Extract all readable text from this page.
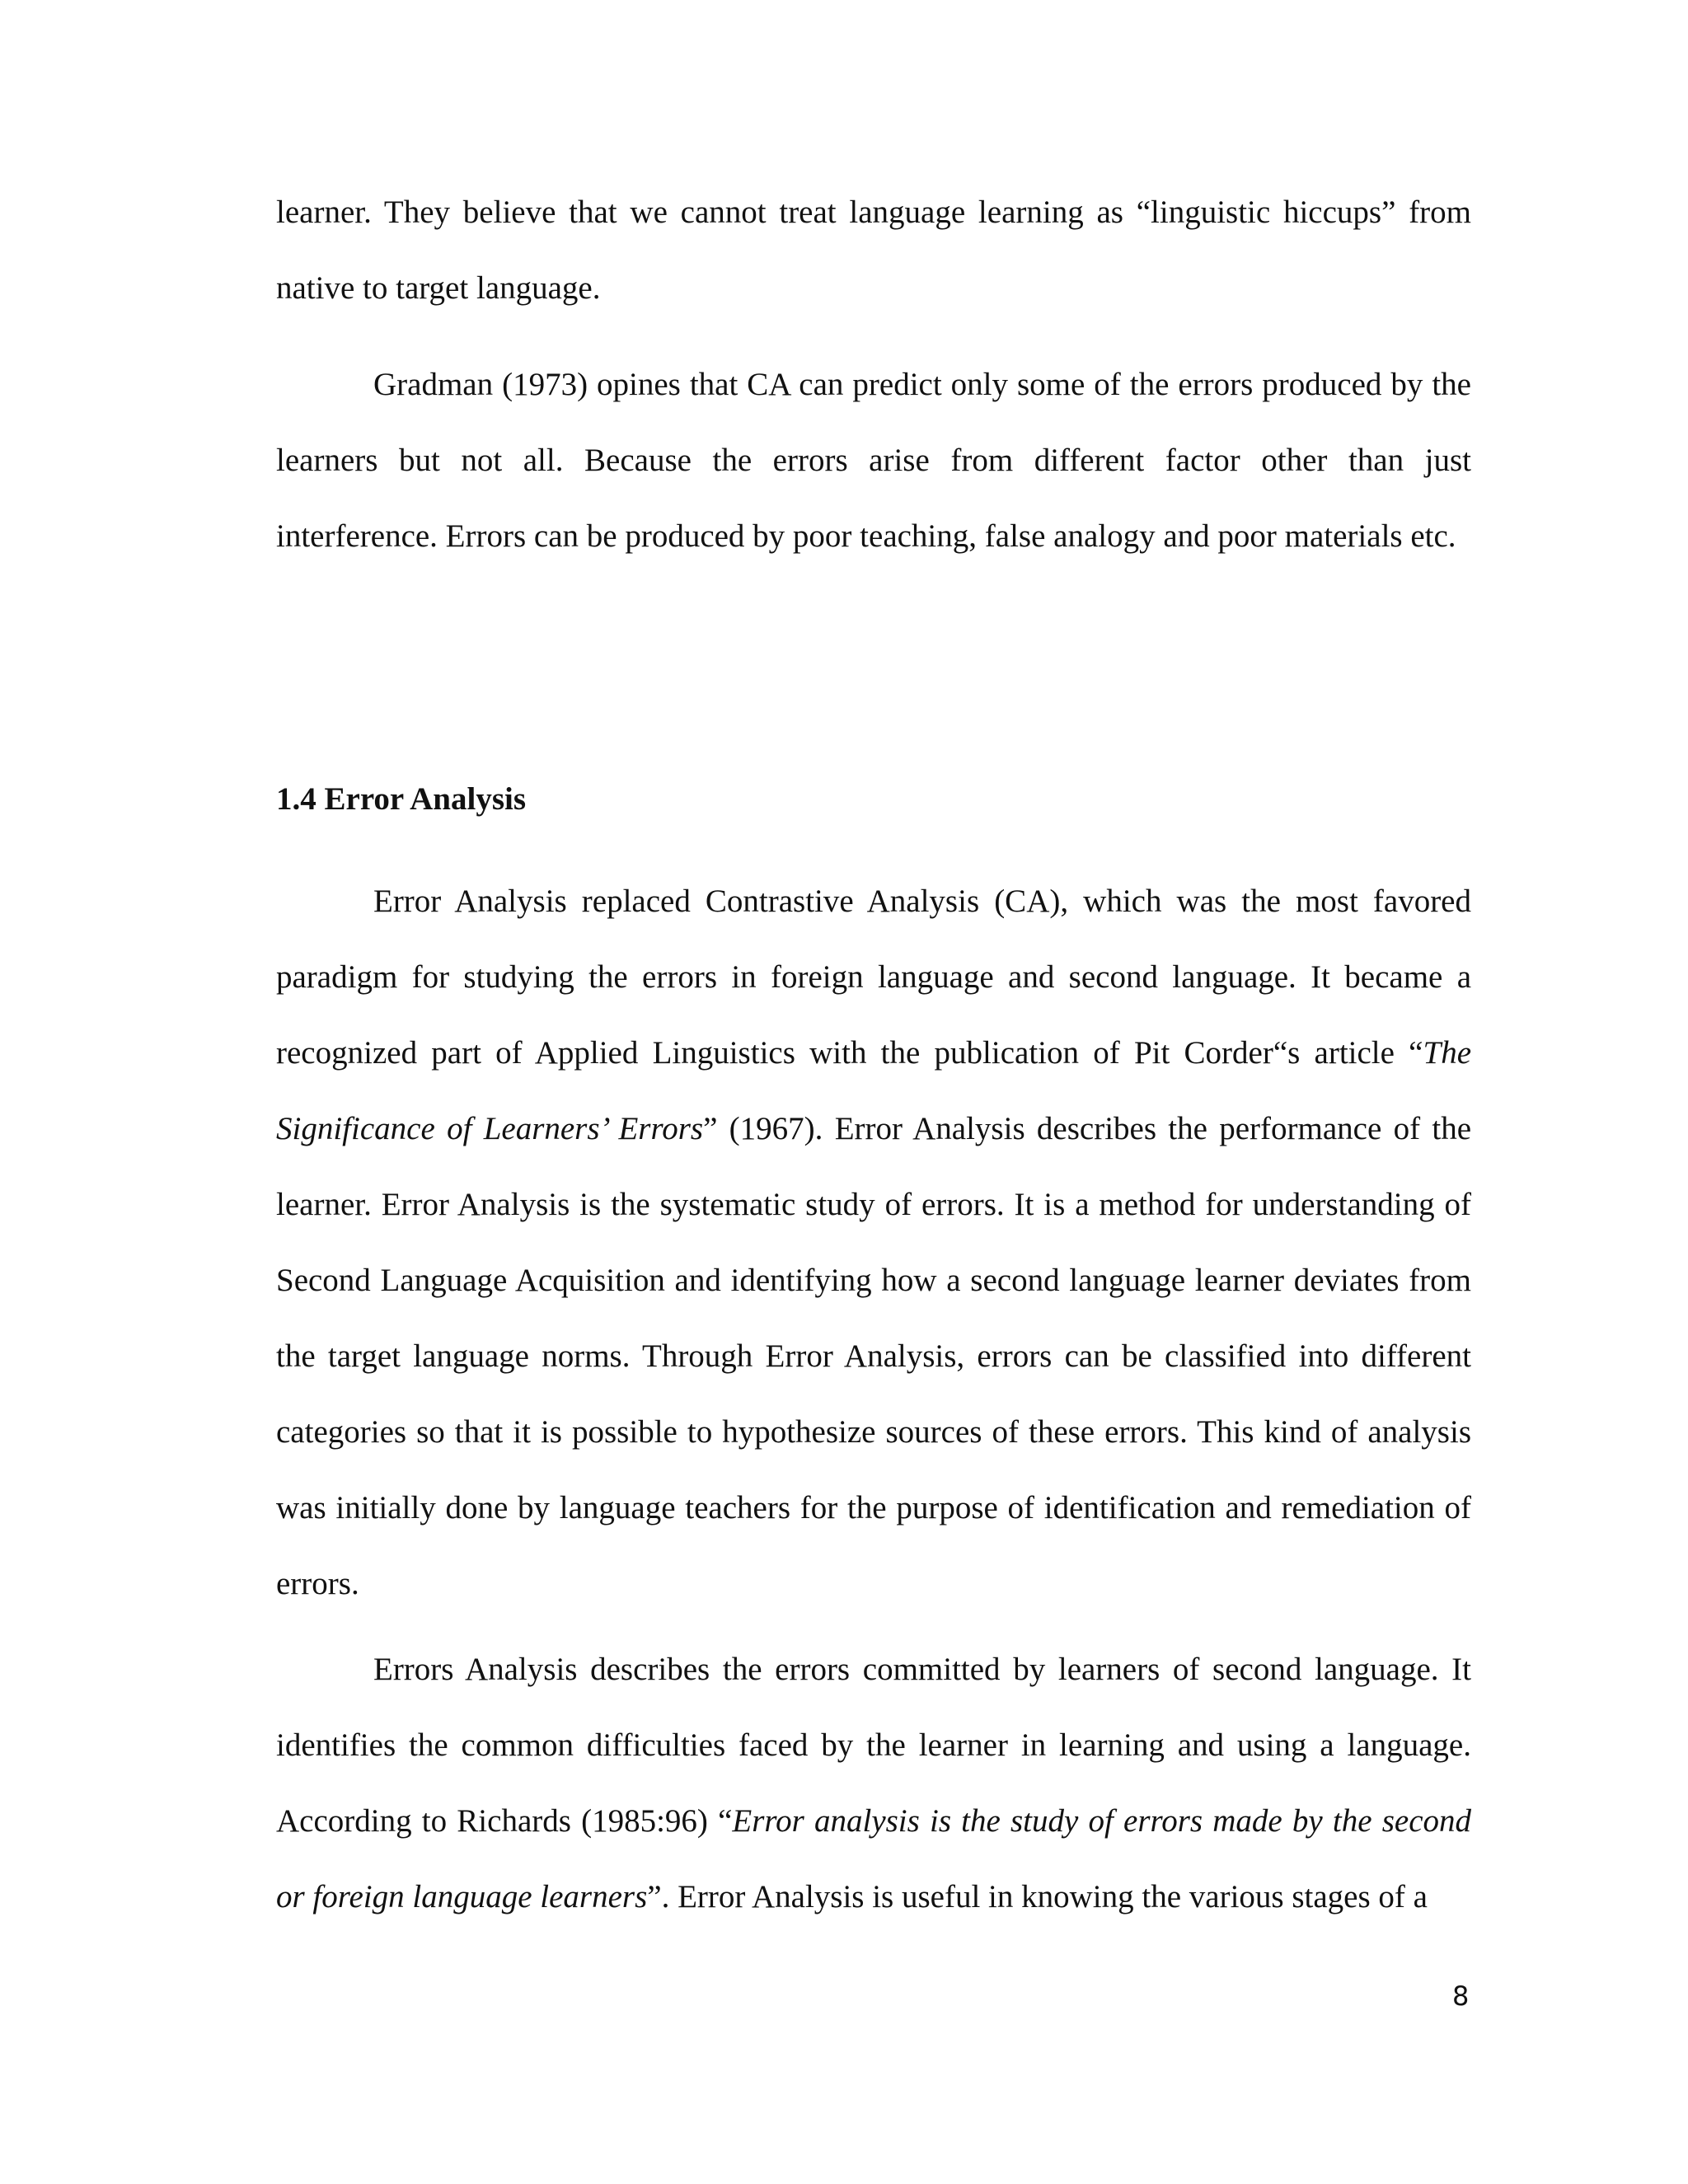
learner. They believe that we cannot treat language learning as “linguistic hiccups” from native to target language.

Gradman (1973) opines that CA can predict only some of the errors produced by the learners but not all. Because the errors arise from different factor other than just interference. Errors can be produced by poor teaching, false analogy and poor materials etc.

1.4 Error Analysis

Error Analysis replaced Contrastive Analysis (CA), which was the most favored paradigm for studying the errors in foreign language and second language. It became a recognized part of Applied Linguistics with the publication of Pit Corder“s article “The Significance of Learners’ Errors” (1967). Error Analysis describes the performance of the learner. Error Analysis is the systematic study of errors. It is a method for understanding of Second Language Acquisition and identifying how a second language learner deviates from the target language norms. Through Error Analysis, errors can be classified into different categories so that it is possible to hypothesize sources of these errors. This kind of analysis was initially done by language teachers for the purpose of identification and remediation of errors.

Errors Analysis describes the errors committed by learners of second language. It identifies the common difficulties faced by the learner in learning and using a language. According to Richards (1985:96) “Error analysis is the study of errors made by the second or foreign language learners”. Error Analysis is useful in knowing the various stages of a

8
